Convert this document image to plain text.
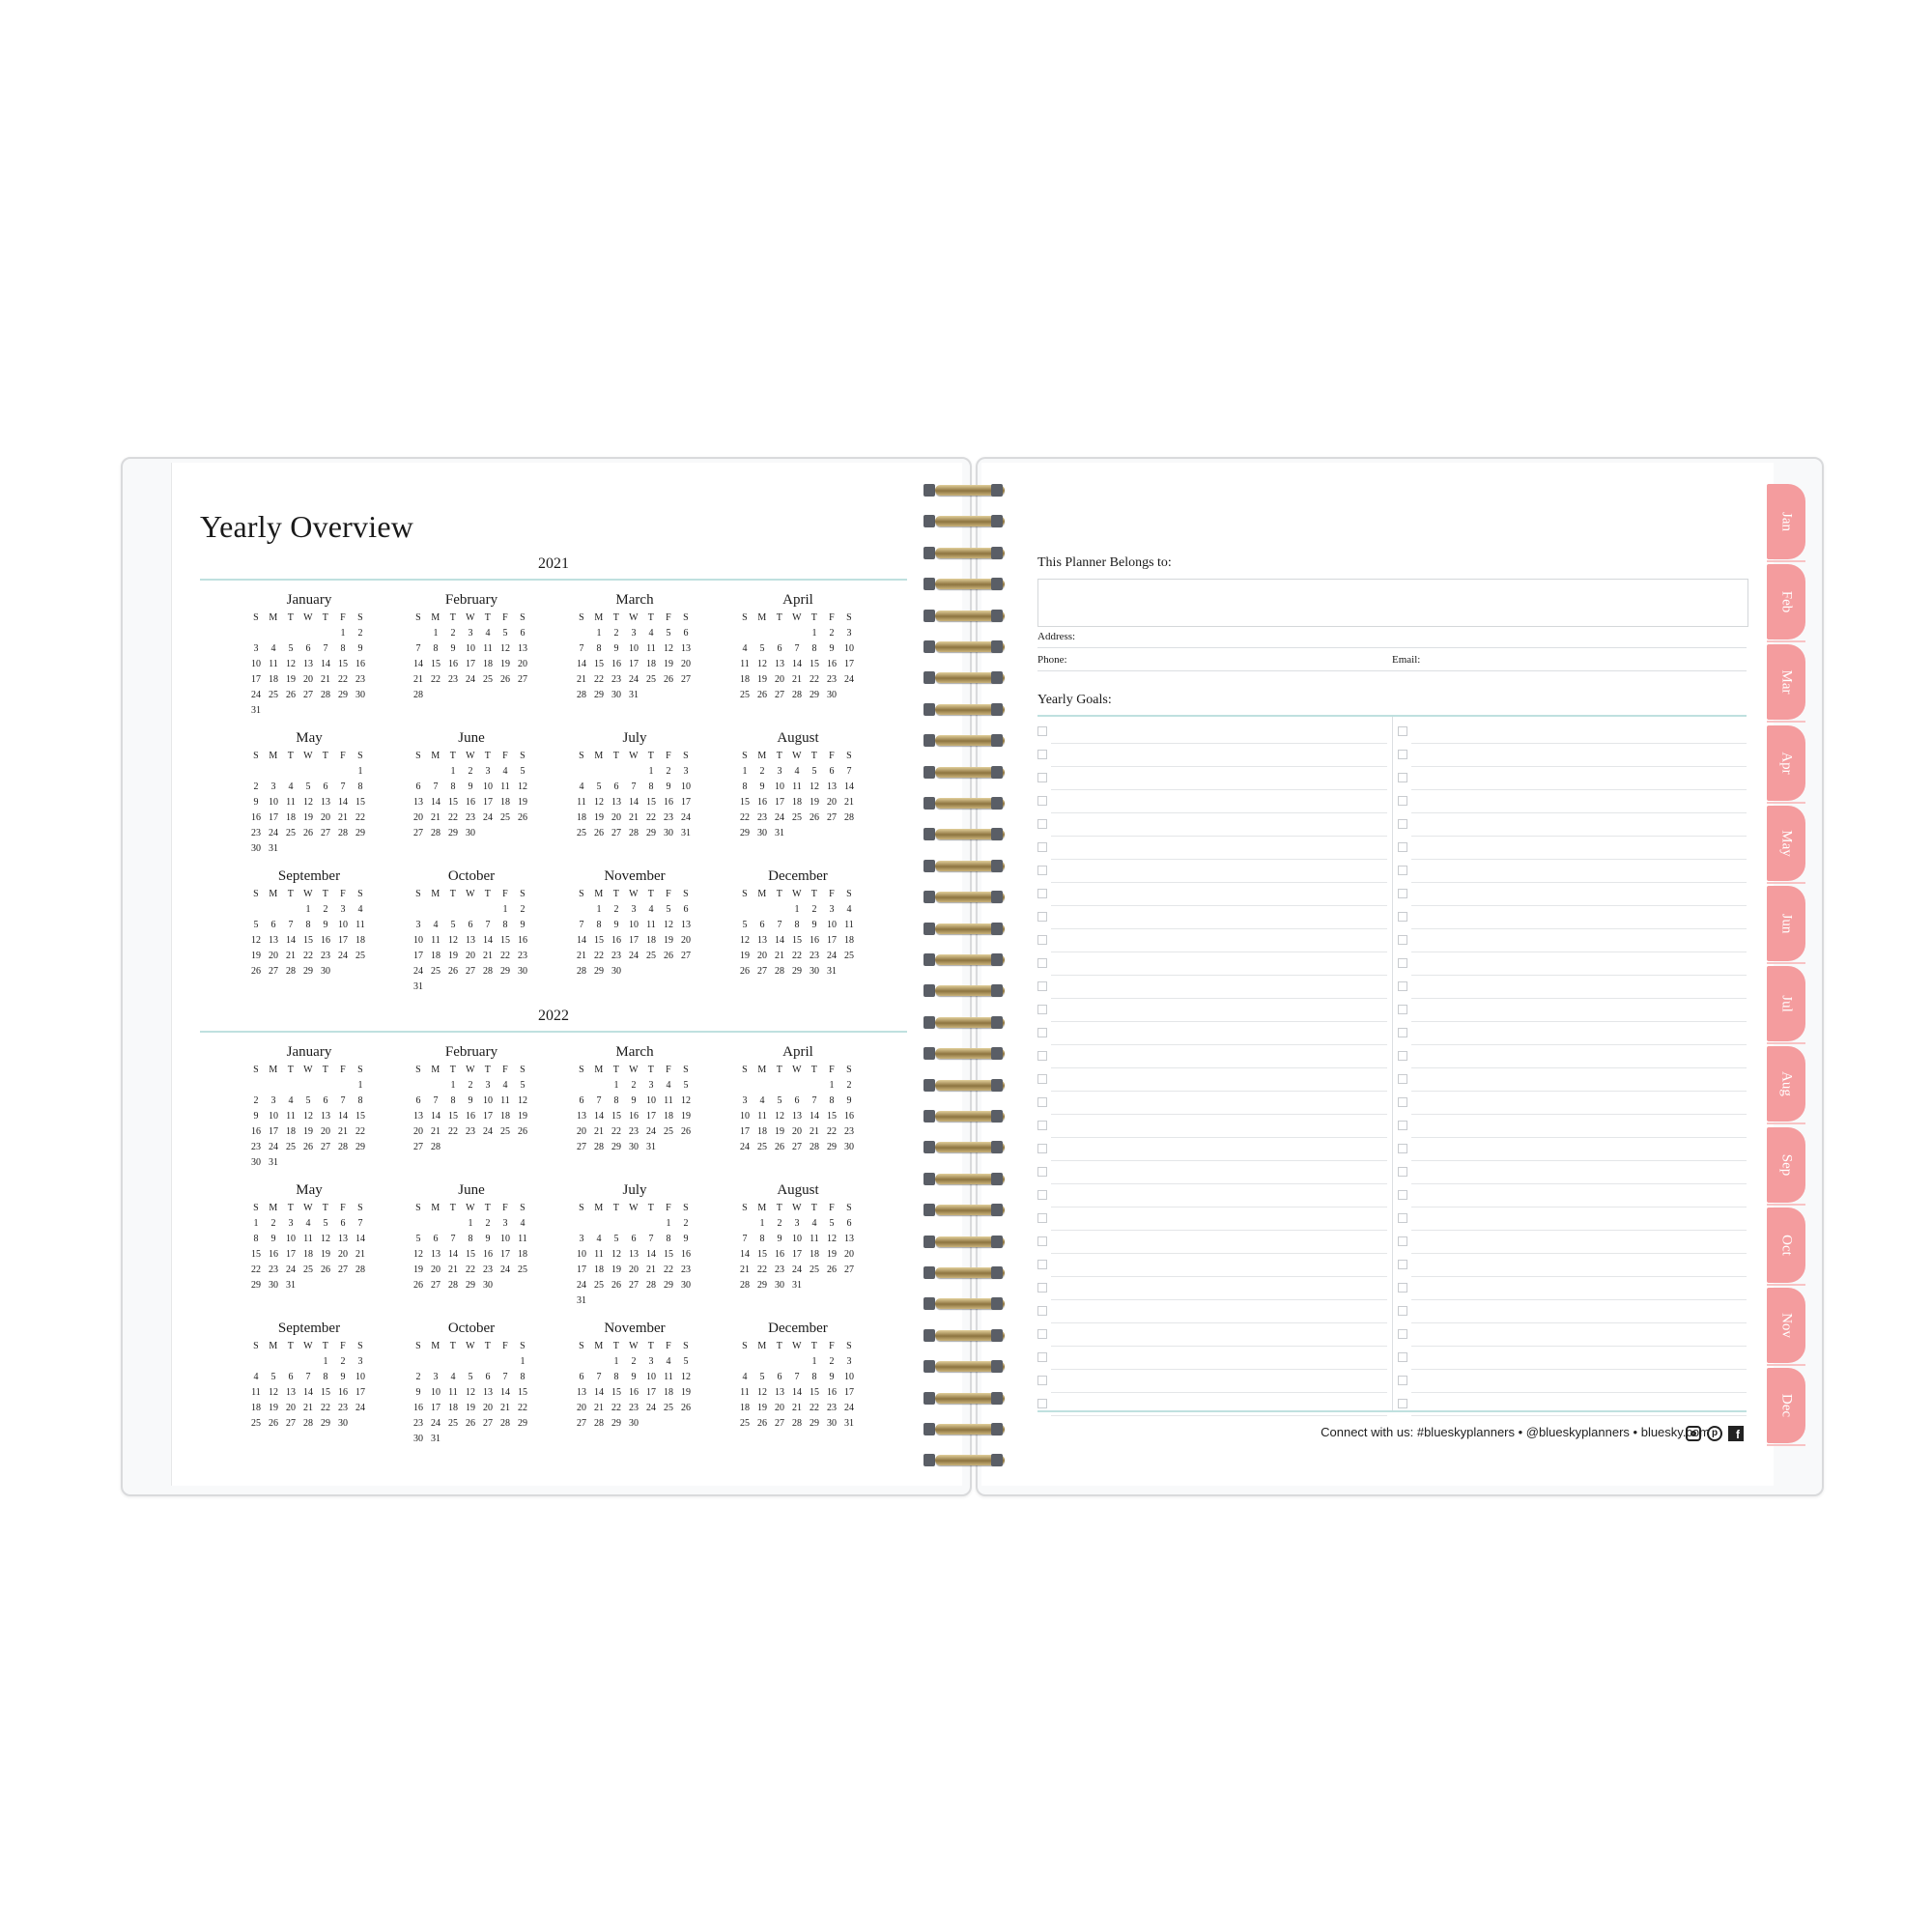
Yearly Overview
2021
January
S M T W T F S
1 2
3 4 5 6 7 8 9
10 11 12 13 14 15 16
17 18 19 20 21 22 23
24 25 26 27 28 29 30
31
February
S M T W T F S
1 2 3 4 5 6
7 8 9 10 11 12 13
14 15 16 17 18 19 20
21 22 23 24 25 26 27
28
March
S M T W T F S
1 2 3 4 5 6
7 8 9 10 11 12 13
14 15 16 17 18 19 20
21 22 23 24 25 26 27
28 29 30 31
April
S M T W T F S
1 2 3
4 5 6 7 8 9 10
11 12 13 14 15 16 17
18 19 20 21 22 23 24
25 26 27 28 29 30
May
S M T W T F S
1
2 3 4 5 6 7 8
9 10 11 12 13 14 15
16 17 18 19 20 21 22
23 24 25 26 27 28 29
30 31
June
S M T W T F S
1 2 3 4 5
6 7 8 9 10 11 12
13 14 15 16 17 18 19
20 21 22 23 24 25 26
27 28 29 30
July
S M T W T F S
1 2 3
4 5 6 7 8 9 10
11 12 13 14 15 16 17
18 19 20 21 22 23 24
25 26 27 28 29 30 31
August
S M T W T F S
1 2 3 4 5 6 7
8 9 10 11 12 13 14
15 16 17 18 19 20 21
22 23 24 25 26 27 28
29 30 31
September
S M T W T F S
1 2 3 4
5 6 7 8 9 10 11
12 13 14 15 16 17 18
19 20 21 22 23 24 25
26 27 28 29 30
October
S M T W T F S
1 2
3 4 5 6 7 8 9
10 11 12 13 14 15 16
17 18 19 20 21 22 23
24 25 26 27 28 29 30
31
November
S M T W T F S
1 2 3 4 5 6
7 8 9 10 11 12 13
14 15 16 17 18 19 20
21 22 23 24 25 26 27
28 29 30
December
S M T W T F S
1 2 3 4
5 6 7 8 9 10 11
12 13 14 15 16 17 18
19 20 21 22 23 24 25
26 27 28 29 30 31
2022
January
S M T W T F S
1
2 3 4 5 6 7 8
9 10 11 12 13 14 15
16 17 18 19 20 21 22
23 24 25 26 27 28 29
30 31
February
S M T W T F S
1 2 3 4 5
6 7 8 9 10 11 12
13 14 15 16 17 18 19
20 21 22 23 24 25 26
27 28
March
S M T W T F S
1 2 3 4 5
6 7 8 9 10 11 12
13 14 15 16 17 18 19
20 21 22 23 24 25 26
27 28 29 30 31
April
S M T W T F S
1 2
3 4 5 6 7 8 9
10 11 12 13 14 15 16
17 18 19 20 21 22 23
24 25 26 27 28 29 30
May
S M T W T F S
1 2 3 4 5 6 7
8 9 10 11 12 13 14
15 16 17 18 19 20 21
22 23 24 25 26 27 28
29 30 31
June
S M T W T F S
1 2 3 4
5 6 7 8 9 10 11
12 13 14 15 16 17 18
19 20 21 22 23 24 25
26 27 28 29 30
July
S M T W T F S
1 2
3 4 5 6 7 8 9
10 11 12 13 14 15 16
17 18 19 20 21 22 23
24 25 26 27 28 29 30
31
August
S M T W T F S
1 2 3 4 5 6
7 8 9 10 11 12 13
14 15 16 17 18 19 20
21 22 23 24 25 26 27
28 29 30 31
September
S M T W T F S
1 2 3
4 5 6 7 8 9 10
11 12 13 14 15 16 17
18 19 20 21 22 23 24
25 26 27 28 29 30
October
S M T W T F S
1
2 3 4 5 6 7 8
9 10 11 12 13 14 15
16 17 18 19 20 21 22
23 24 25 26 27 28 29
30 31
November
S M T W T F S
1 2 3 4 5
6 7 8 9 10 11 12
13 14 15 16 17 18 19
20 21 22 23 24 25 26
27 28 29 30
December
S M T W T F S
1 2 3
4 5 6 7 8 9 10
11 12 13 14 15 16 17
18 19 20 21 22 23 24
25 26 27 28 29 30 31
This Planner Belongs to:
Address:
Phone:	Email:
Yearly Goals:
Connect with us: #blueskyplanners • @blueskyplanners • bluesky.com p	f
Jan
Feb
Mar
Apr
May
Jun
Jul
Aug
Sep
Oct
Nov
Dec
